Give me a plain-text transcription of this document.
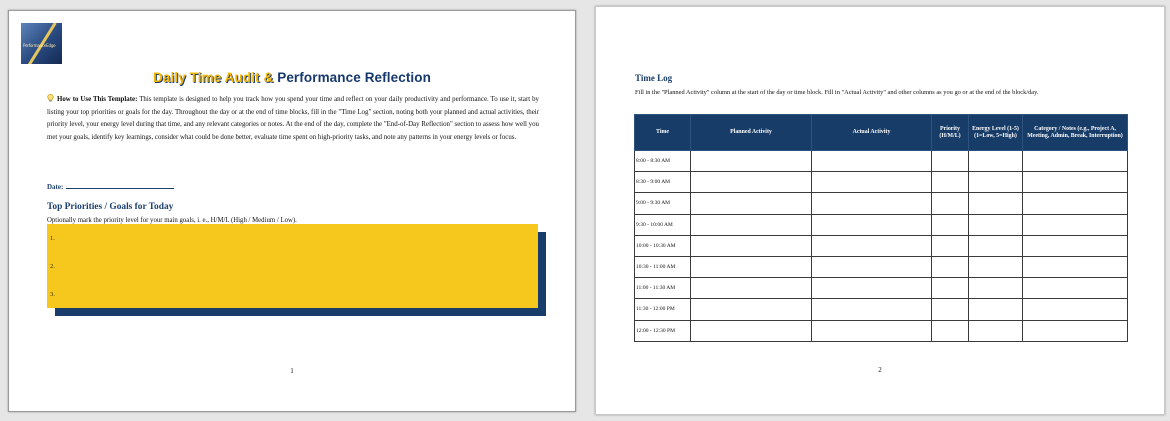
PerformanceEdge
Daily Time Audit & Performance Reflection
How to Use This Template: This template is designed to help you track how you spend your time and reflect on your daily productivity and performance. To use it, start by listing your top priorities or goals for the day. Throughout the day or at the end of time blocks, fill in the "Time Log" section, noting both your planned and actual activities, their priority level, your energy level during that time, and any relevant categories or notes. At the end of the day, complete the "End-of-Day Reflection" section to assess how well you met your goals, identify key learnings, consider what could be done better, evaluate time spent on high-priority tasks, and note any patterns in your energy levels or focus.
Date:
Top Priorities / Goals for Today
Optionally mark the priority level for your main goals, i. e., H/M/L (High / Medium / Low).
1.
2.
3.
1
Time Log
Fill in the "Planned Activity" column at the start of the day or time block. Fill in "Actual Activity" and other columns as you go or at the end of the block/day.
Time	Planned Activity	Actual Activity	Priority (H/M/L)	Energy Level (1-5) (1=Low, 5=High)	Category / Notes (e.g., Project A, Meeting, Admin, Break, Interruption)
8:00 - 8:30 AM					
8:30 - 9:00 AM					
9:00 - 9:30 AM					
9:30 - 10:00 AM					
10:00 - 10:30 AM					
10:30 - 11:00 AM					
11:00 - 11:30 AM					
11:30 - 12:00 PM					
12:00 - 12:30 PM					
2
